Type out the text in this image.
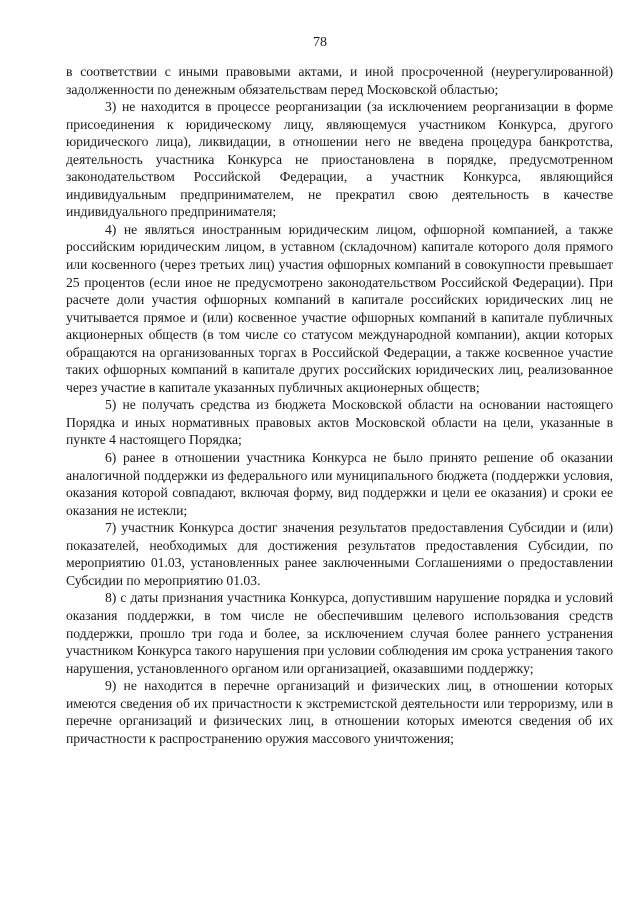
78

в соответствии с иными правовыми актами, и иной просроченной (неурегулированной) задолженности по денежным обязательствам перед Московской областью;

3) не находится в процессе реорганизации (за исключением реорганизации в форме присоединения к юридическому лицу, являющемуся участником Конкурса, другого юридического лица), ликвидации, в отношении него не введена процедура банкротства, деятельность участника Конкурса не приостановлена в порядке, предусмотренном законодательством Российской Федерации, а участник Конкурса, являющийся индивидуальным предпринимателем, не прекратил свою деятельность в качестве индивидуального предпринимателя;

4) не являться иностранным юридическим лицом, офшорной компанией, а также российским юридическим лицом, в уставном (складочном) капитале которого доля прямого или косвенного (через третьих лиц) участия офшорных компаний в совокупности превышает 25 процентов (если иное не предусмотрено законодательством Российской Федерации). При расчете доли участия офшорных компаний в капитале российских юридических лиц не учитывается прямое и (или) косвенное участие офшорных компаний в капитале публичных акционерных обществ (в том числе со статусом международной компании), акции которых обращаются на организованных торгах в Российской Федерации, а также косвенное участие таких офшорных компаний в капитале других российских юридических лиц, реализованное через участие в капитале указанных публичных акционерных обществ;

5) не получать средства из бюджета Московской области на основании настоящего Порядка и иных нормативных правовых актов Московской области на цели, указанные в пункте 4 настоящего Порядка;

6) ранее в отношении участника Конкурса не было принято решение об оказании аналогичной поддержки из федерального или муниципального бюджета (поддержки условия, оказания которой совпадают, включая форму, вид поддержки и цели ее оказания) и сроки ее оказания не истекли;

7) участник Конкурса достиг значения результатов предоставления Субсидии и (или) показателей, необходимых для достижения результатов предоставления Субсидии, по мероприятию 01.03, установленных ранее заключенными Соглашениями о предоставлении Субсидии по мероприятию 01.03.

8) с даты признания участника Конкурса, допустившим нарушение порядка и условий оказания поддержки, в том числе не обеспечившим целевого использования средств поддержки, прошло три года и более, за исключением случая более раннего устранения участником Конкурса такого нарушения при условии соблюдения им срока устранения такого нарушения, установленного органом или организацией, оказавшими поддержку;

9) не находится в перечне организаций и физических лиц, в отношении которых имеются сведения об их причастности к экстремистской деятельности или терроризму, или в перечне организаций и физических лиц, в отношении которых имеются сведения об их причастности к распространению оружия массового уничтожения;
